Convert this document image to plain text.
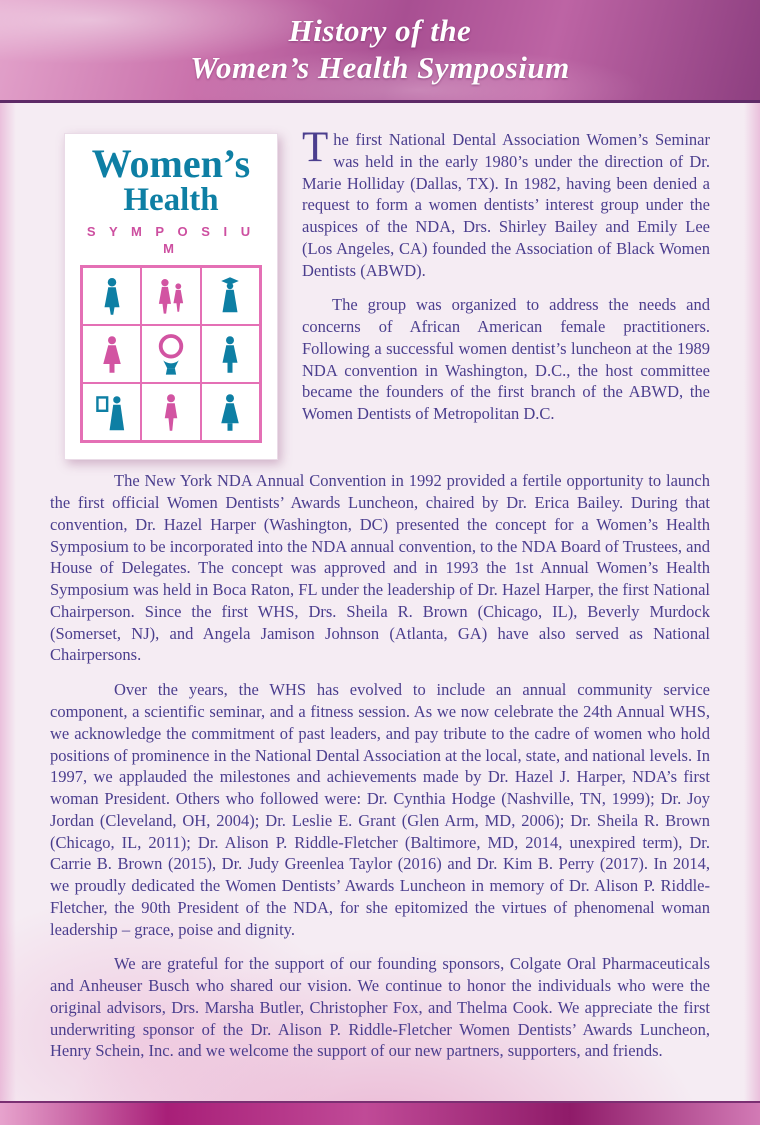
History of the
Women’s Health Symposium
Women’s
Health
S Y M P O S I U M

The first National Dental Association Women’s Seminar was held in the early 1980’s under the direction of Dr. Marie Holliday (Dallas, TX). In 1982, having been denied a request to form a women dentists’ interest group under the auspices of the NDA, Drs. Shirley Bailey and Emily Lee (Los Angeles, CA) founded the Association of Black Women Dentists (ABWD).

The group was organized to address the needs and concerns of African American female practitioners. Following a successful women dentist’s luncheon at the 1989 NDA convention in Washington, D.C., the host committee became the founders of the first branch of the ABWD, the Women Dentists of Metropolitan D.C.

The New York NDA Annual Convention in 1992 provided a fertile opportunity to launch the first official Women Dentists’ Awards Luncheon, chaired by Dr. Erica Bailey. During that convention, Dr. Hazel Harper (Washington, DC) presented the concept for a Women’s Health Symposium to be incorporated into the NDA annual convention, to the NDA Board of Trustees, and House of Delegates. The concept was approved and in 1993 the 1st Annual Women’s Health Symposium was held in Boca Raton, FL under the leadership of Dr. Hazel Harper, the first National Chairperson. Since the first WHS, Drs. Sheila R. Brown (Chicago, IL), Beverly Murdock (Somerset, NJ), and Angela Jamison Johnson (Atlanta, GA) have also served as National Chairpersons.

Over the years, the WHS has evolved to include an annual community service component, a scientific seminar, and a fitness session. As we now celebrate the 24th Annual WHS, we acknowledge the commitment of past leaders, and pay tribute to the cadre of women who hold positions of prominence in the National Dental Association at the local, state, and national levels. In 1997, we applauded the milestones and achievements made by Dr. Hazel J. Harper, NDA’s first woman President. Others who followed were: Dr. Cynthia Hodge (Nashville, TN, 1999); Dr. Joy Jordan (Cleveland, OH, 2004); Dr. Leslie E. Grant (Glen Arm, MD, 2006); Dr. Sheila R. Brown (Chicago, IL, 2011); Dr. Alison P. Riddle-Fletcher (Baltimore, MD, 2014, unexpired term), Dr. Carrie B. Brown (2015), Dr. Judy Greenlea Taylor (2016) and Dr. Kim B. Perry (2017). In 2014, we proudly dedicated the Women Dentists’ Awards Luncheon in memory of Dr. Alison P. Riddle-Fletcher, the 90th President of the NDA, for she epitomized the virtues of phenomenal woman leadership – grace, poise and dignity.

We are grateful for the support of our founding sponsors, Colgate Oral Pharmaceuticals and Anheuser Busch who shared our vision. We continue to honor the individuals who were the original advisors, Drs. Marsha Butler, Christopher Fox, and Thelma Cook. We appreciate the first underwriting sponsor of the Dr. Alison P. Riddle-Fletcher Women Dentists’ Awards Luncheon, Henry Schein, Inc. and we welcome the support of our new partners, supporters, and friends.
